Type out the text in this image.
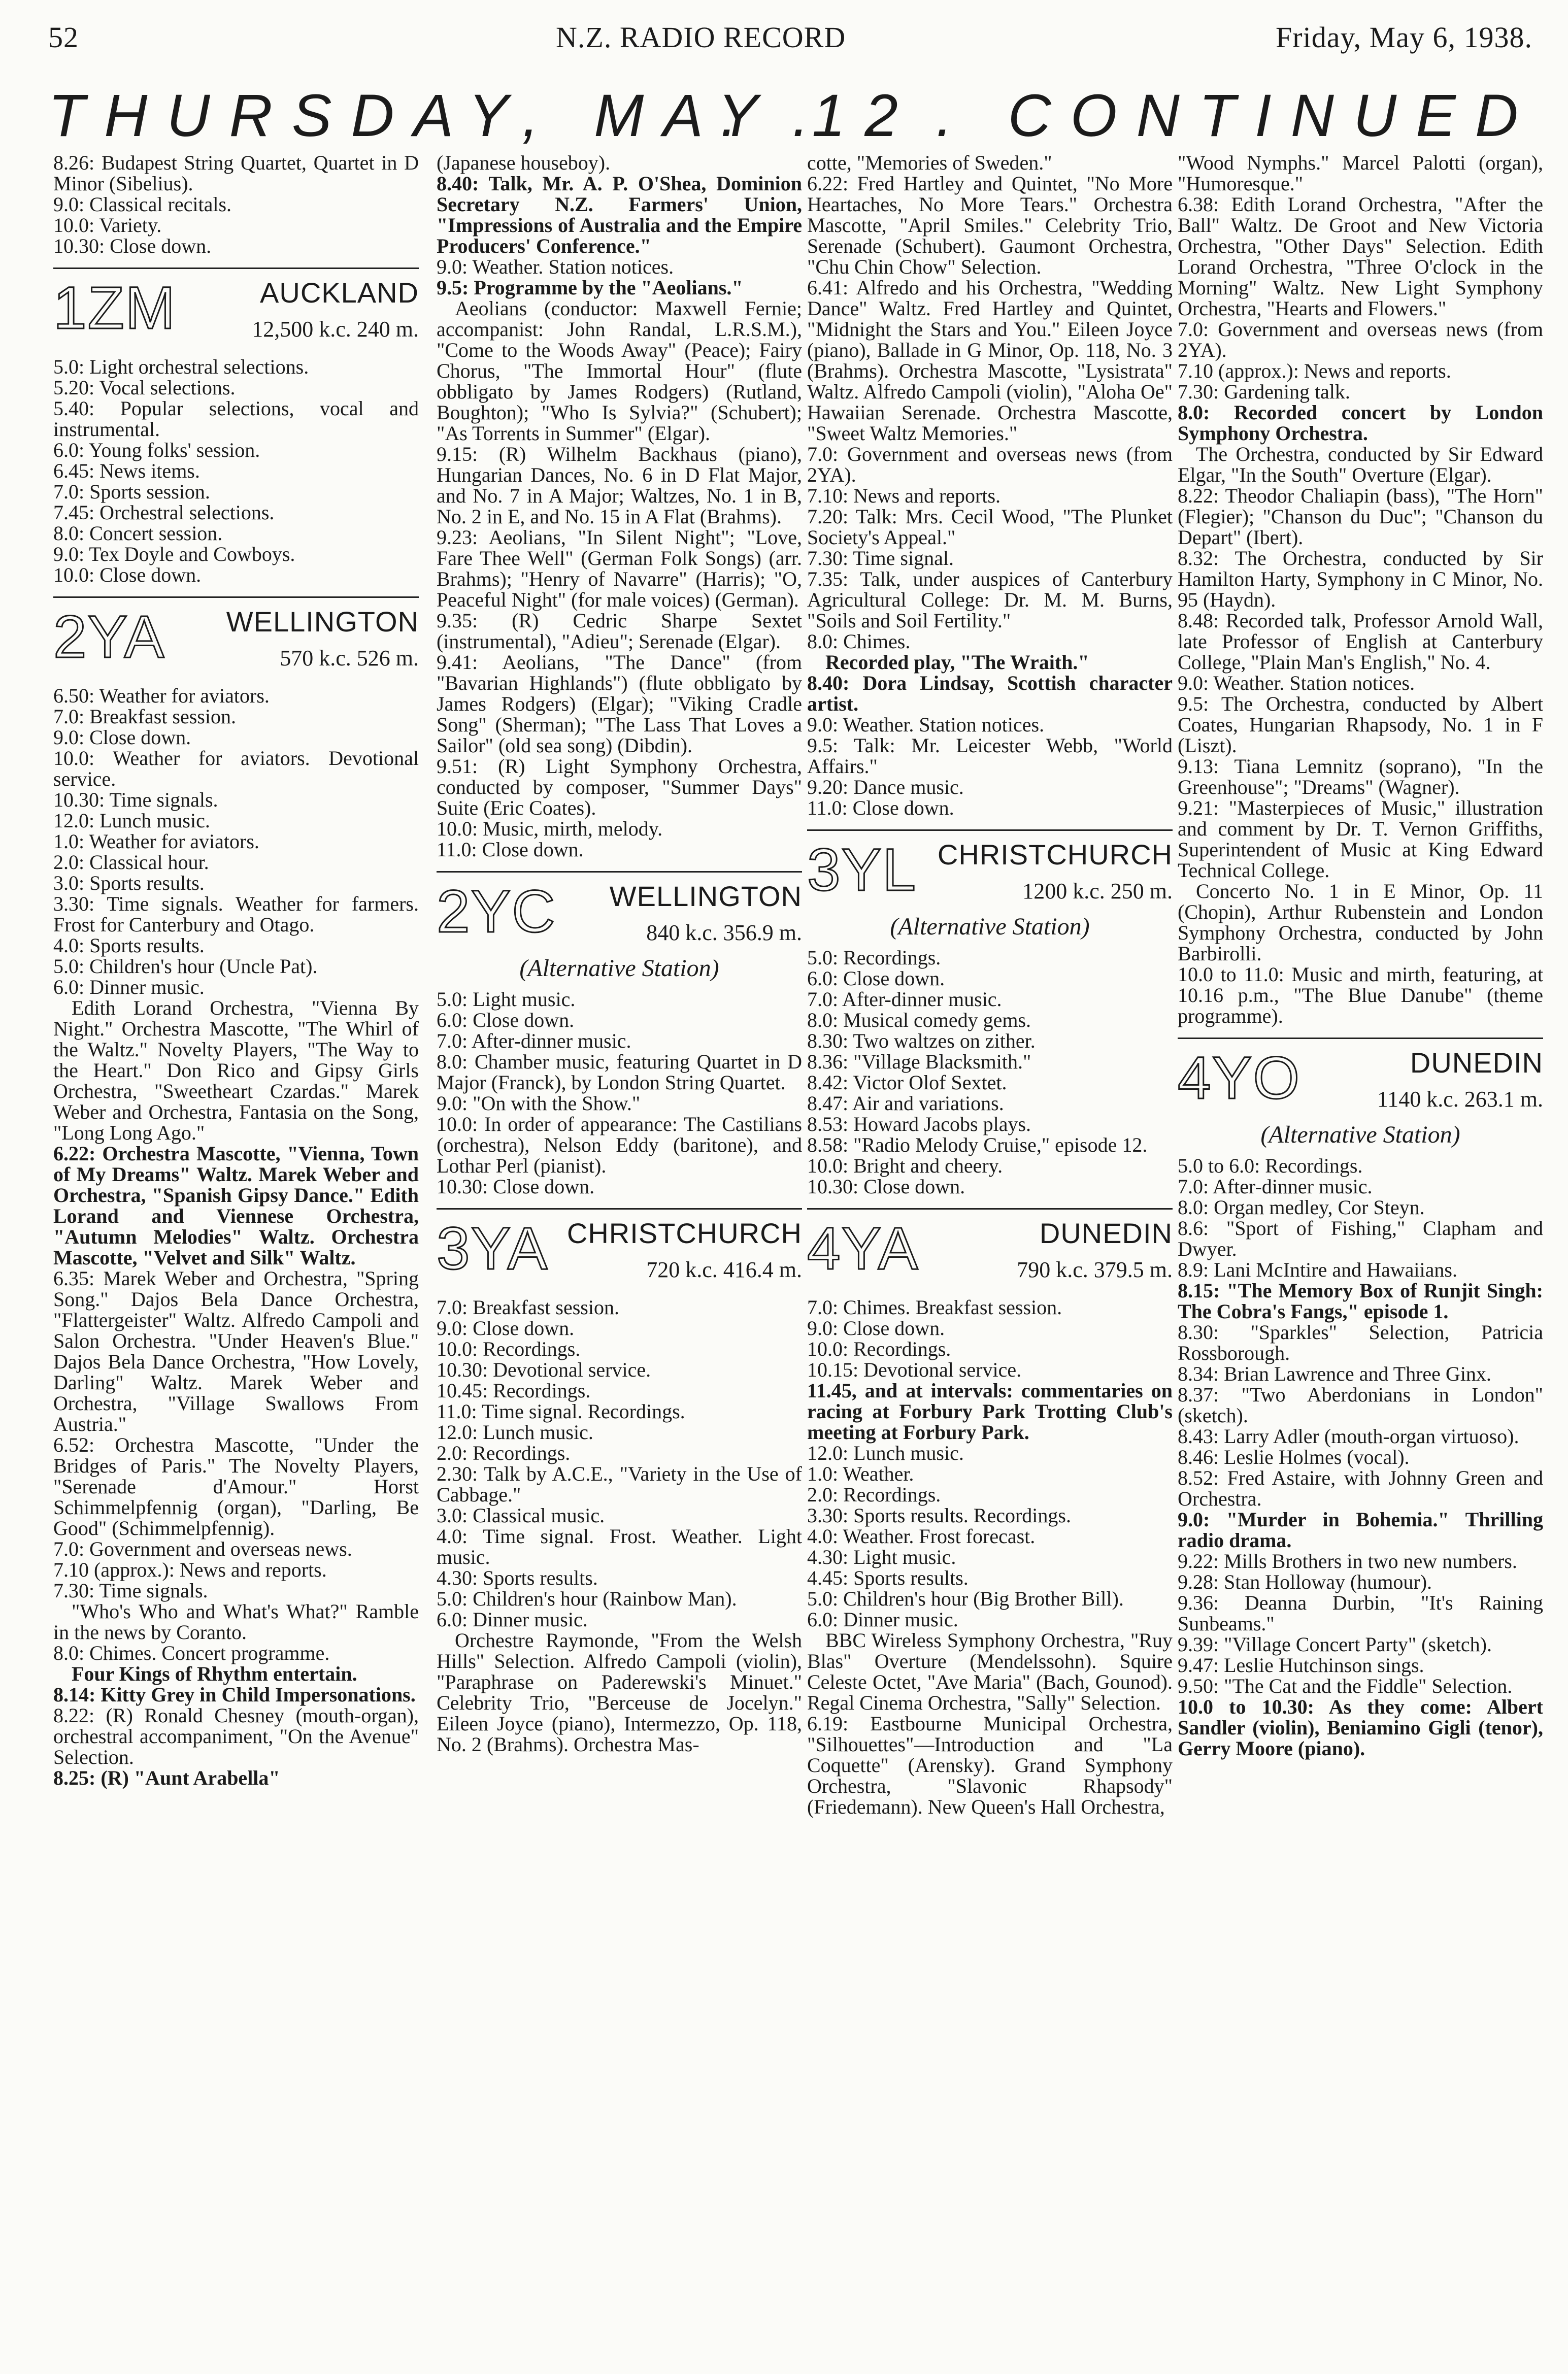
52	N.Z. RADIO RECORD	Friday, May 6, 1938.
THURSDAY, MAY 12
. . . . CONTINUED

8.26: Budapest String Quartet, Quartet in D Minor (Sibelius).

9.0: Classical recitals.

10.0: Variety.

10.30: Close down.

1ZM	AUCKLAND
12,500 k.c. 240 m.

5.0: Light orchestral selections.

5.20: Vocal selections.

5.40: Popular selections, vocal and instrumental.

6.0: Young folks' session.

6.45: News items.

7.0: Sports session.

7.45: Orchestral selections.

8.0: Concert session.

9.0: Tex Doyle and Cowboys.

10.0: Close down.

2YA WELLINGTON
570 k.c. 526 m.

6.50: Weather for aviators.

7.0: Breakfast session.

9.0: Close down.

10.0: Weather for aviators. Devotional service.

10.30: Time signals.

12.0: Lunch music.

1.0: Weather for aviators.

2.0: Classical hour.

3.0: Sports results.

3.30: Time signals. Weather for farmers. Frost for Canterbury and Otago.

4.0: Sports results.

5.0: Children's hour (Uncle Pat).

6.0: Dinner music.

Edith Lorand Orchestra, "Vienna By Night." Orchestra Mascotte, "The Whirl of the Waltz." Novelty Players, "The Way to the Heart." Don Rico and Gipsy Girls Orchestra, "Sweetheart Czardas." Marek Weber and Orchestra, Fantasia on the Song, "Long Long Ago."

6.22: Orchestra Mascotte, "Vienna, Town of My Dreams" Waltz. Marek Weber and Orchestra, "Spanish Gipsy Dance." Edith Lorand and Viennese Orchestra, "Autumn Melodies" Waltz. Orchestra Mascotte, "Velvet and Silk" Waltz.

6.35: Marek Weber and Orchestra, "Spring Song." Dajos Bela Dance Orchestra, "Flattergeister" Waltz. Alfredo Campoli and Salon Orchestra. "Under Heaven's Blue." Dajos Bela Dance Orchestra, "How Lovely, Darling" Waltz. Marek Weber and Orchestra, "Village Swallows From Austria."

6.52: Orchestra Mascotte, "Under the Bridges of Paris." The Novelty Players, "Serenade d'Amour." Horst Schimmelpfennig (organ), "Darling, Be Good" (Schimmelpfennig).

7.0: Government and overseas news.

7.10 (approx.): News and reports.

7.30: Time signals.

"Who's Who and What's What?" Ramble in the news by Coranto.

8.0: Chimes. Concert programme.

Four Kings of Rhythm entertain.

8.14: Kitty Grey in Child Impersonations.

8.22: (R) Ronald Chesney (mouth-organ), orchestral accompaniment, "On the Avenue" Selection.

8.25: (R) "Aunt Arabella"

(Japanese houseboy).

8.40: Talk, Mr. A. P. O'Shea, Dominion Secretary N.Z. Farmers' Union, "Impressions of Australia and the Empire Producers' Conference."

9.0: Weather. Station notices.

9.5: Programme by the "Aeolians."

Aeolians (conductor: Maxwell Fernie; accompanist: John Randal, L.R.S.M.), "Come to the Woods Away" (Peace); Fairy Chorus, "The Immortal Hour" (flute obbligato by James Rodgers) (Rutland, Boughton); "Who Is Sylvia?" (Schubert); "As Torrents in Summer" (Elgar).

9.15: (R) Wilhelm Backhaus (piano), Hungarian Dances, No. 6 in D Flat Major, and No. 7 in A Major; Waltzes, No. 1 in B, No. 2 in E, and No. 15 in A Flat (Brahms).

9.23: Aeolians, "In Silent Night"; "Love, Fare Thee Well" (German Folk Songs) (arr. Brahms); "Henry of Navarre" (Harris); "O, Peaceful Night" (for male voices) (German).

9.35: (R) Cedric Sharpe Sextet (instrumental), "Adieu"; Serenade (Elgar).

9.41: Aeolians, "The Dance" (from "Bavarian Highlands") (flute obbligato by James Rodgers) (Elgar); "Viking Cradle Song" (Sherman); "The Lass That Loves a Sailor" (old sea song) (Dibdin).

9.51: (R) Light Symphony Orchestra, conducted by composer, "Summer Days" Suite (Eric Coates).

10.0: Music, mirth, melody.

11.0: Close down.

2YC WELLINGTON
840 k.c. 356.9 m.
(Alternative Station)

5.0: Light music.

6.0: Close down.

7.0: After-dinner music.

8.0: Chamber music, featuring Quartet in D Major (Franck), by London String Quartet.

9.0: "On with the Show."

10.0: In order of appearance: The Castilians (orchestra), Nelson Eddy (baritone), and Lothar Perl (pianist).

10.30: Close down.

3YA CHRISTCHURCH
720 k.c. 416.4 m.

7.0: Breakfast session.

9.0: Close down.

10.0: Recordings.

10.30: Devotional service.

10.45: Recordings.

11.0: Time signal. Recordings.

12.0: Lunch music.

2.0: Recordings.

2.30: Talk by A.C.E., "Variety in the Use of Cabbage."

3.0: Classical music.

4.0: Time signal. Frost. Weather. Light music.

4.30: Sports results.

5.0: Children's hour (Rainbow Man).

6.0: Dinner music.

Orchestre Raymonde, "From the Welsh Hills" Selection. Alfredo Campoli (violin), "Paraphrase on Paderewski's Minuet." Celebrity Trio, "Berceuse de Jocelyn." Eileen Joyce (piano), Intermezzo, Op. 118, No. 2 (Brahms). Orchestra Mas-

cotte, "Memories of Sweden."

6.22: Fred Hartley and Quintet, "No More Heartaches, No More Tears." Orchestra Mascotte, "April Smiles." Celebrity Trio, Serenade (Schubert). Gaumont Orchestra, "Chu Chin Chow" Selection.

6.41: Alfredo and his Orchestra, "Wedding Dance" Waltz. Fred Hartley and Quintet, "Midnight the Stars and You." Eileen Joyce (piano), Ballade in G Minor, Op. 118, No. 3 (Brahms). Orchestra Mascotte, "Lysistrata" Waltz. Alfredo Campoli (violin), "Aloha Oe" Hawaiian Serenade. Orchestra Mascotte, "Sweet Waltz Memories."

7.0: Government and overseas news (from 2YA).

7.10: News and reports.

7.20: Talk: Mrs. Cecil Wood, "The Plunket Society's Appeal."

7.30: Time signal.

7.35: Talk, under auspices of Canterbury Agricultural College: Dr. M. M. Burns, "Soils and Soil Fertility."

8.0: Chimes.

Recorded play, "The Wraith."

8.40: Dora Lindsay, Scottish character artist.

9.0: Weather. Station notices.

9.5: Talk: Mr. Leicester Webb, "World Affairs."

9.20: Dance music.

11.0: Close down.

3YL CHRISTCHURCH
1200 k.c. 250 m.
(Alternative Station)

5.0: Recordings.

6.0: Close down.

7.0: After-dinner music.

8.0: Musical comedy gems.

8.30: Two waltzes on zither.

8.36: "Village Blacksmith."

8.42: Victor Olof Sextet.

8.47: Air and variations.

8.53: Howard Jacobs plays.

8.58: "Radio Melody Cruise," episode 12.

10.0: Bright and cheery.

10.30: Close down.

4YA	DUNEDIN
790 k.c. 379.5 m.

7.0: Chimes. Breakfast session.

9.0: Close down.

10.0: Recordings.

10.15: Devotional service.

11.45, and at intervals: commentaries on racing at Forbury Park Trotting Club's meeting at Forbury Park.

12.0: Lunch music.

1.0: Weather.

2.0: Recordings.

3.30: Sports results. Recordings.

4.0: Weather. Frost forecast.

4.30: Light music.

4.45: Sports results.

5.0: Children's hour (Big Brother Bill).

6.0: Dinner music.

BBC Wireless Symphony Orchestra, "Ruy Blas" Overture (Mendelssohn). Squire Celeste Octet, "Ave Maria" (Bach, Gounod). Regal Cinema Orchestra, "Sally" Selection.

6.19: Eastbourne Municipal Orchestra, "Silhouettes"—Introduction and "La Coquette" (Arensky). Grand Symphony Orchestra, "Slavonic Rhapsody" (Friedemann). New Queen's Hall Orchestra,

"Wood Nymphs." Marcel Palotti (organ), "Humoresque."

6.38: Edith Lorand Orchestra, "After the Ball" Waltz. De Groot and New Victoria Orchestra, "Other Days" Selection. Edith Lorand Orchestra, "Three O'clock in the Morning" Waltz. New Light Symphony Orchestra, "Hearts and Flowers."

7.0: Government and overseas news (from 2YA).

7.10 (approx.): News and reports.

7.30: Gardening talk.

8.0: Recorded concert by London Symphony Orchestra.

The Orchestra, conducted by Sir Edward Elgar, "In the South" Overture (Elgar).

8.22: Theodor Chaliapin (bass), "The Horn" (Flegier); "Chanson du Duc"; "Chanson du Depart" (Ibert).

8.32: The Orchestra, conducted by Sir Hamilton Harty, Symphony in C Minor, No. 95 (Haydn).

8.48: Recorded talk, Professor Arnold Wall, late Professor of English at Canterbury College, "Plain Man's English," No. 4.

9.0: Weather. Station notices.

9.5: The Orchestra, conducted by Albert Coates, Hungarian Rhapsody, No. 1 in F (Liszt).

9.13: Tiana Lemnitz (soprano), "In the Greenhouse"; "Dreams" (Wagner).

9.21: "Masterpieces of Music," illustration and comment by Dr. T. Vernon Griffiths, Superintendent of Music at King Edward Technical College.

Concerto No. 1 in E Minor, Op. 11 (Chopin), Arthur Rubenstein and London Symphony Orchestra, conducted by John Barbirolli.

10.0 to 11.0: Music and mirth, featuring, at 10.16 p.m., "The Blue Danube" (theme programme).

4YO	DUNEDIN
1140 k.c. 263.1 m.
(Alternative Station)

5.0 to 6.0: Recordings.

7.0: After-dinner music.

8.0: Organ medley, Cor Steyn.

8.6: "Sport of Fishing," Clapham and Dwyer.

8.9: Lani McIntire and Hawaiians.

8.15: "The Memory Box of Runjit Singh: The Cobra's Fangs," episode 1.

8.30: "Sparkles" Selection, Patricia Rossborough.

8.34: Brian Lawrence and Three Ginx.

8.37: "Two Aberdonians in London" (sketch).

8.43: Larry Adler (mouth-organ virtuoso).

8.46: Leslie Holmes (vocal).

8.52: Fred Astaire, with Johnny Green and Orchestra.

9.0: "Murder in Bohemia." Thrilling radio drama.

9.22: Mills Brothers in two new numbers.

9.28: Stan Holloway (humour).

9.36: Deanna Durbin, "It's Raining Sunbeams."

9.39: "Village Concert Party" (sketch).

9.47: Leslie Hutchinson sings.

9.50: "The Cat and the Fiddle" Selection.

10.0 to 10.30: As they come: Albert Sandler (violin), Beniamino Gigli (tenor), Gerry Moore (piano).
